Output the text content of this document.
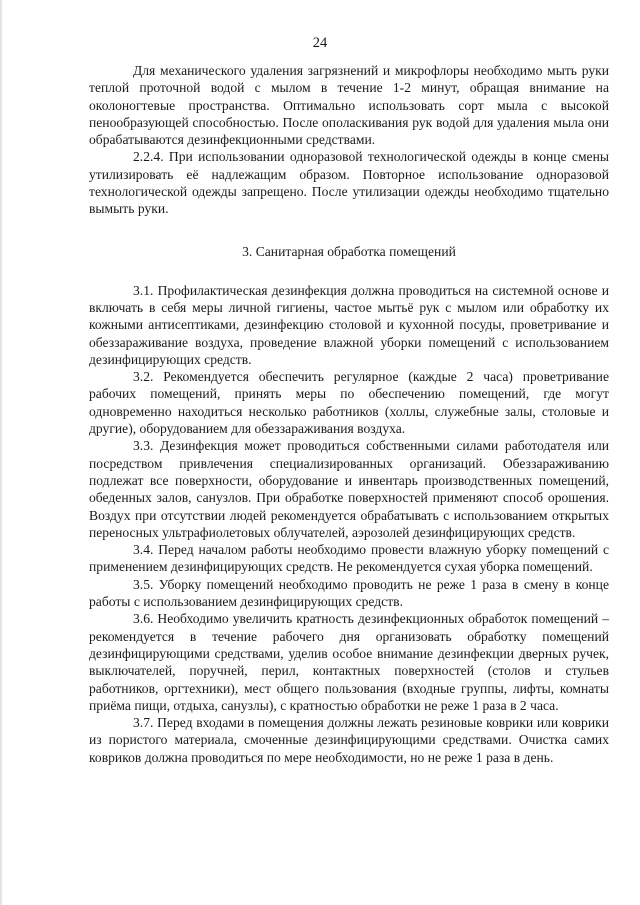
24

Для механического удаления загрязнений и микрофлоры необходимо мыть руки теплой проточной водой с мылом в течение 1-2 минут, обращая внимание на околоногтевые пространства. Оптимально использовать сорт мыла с высокой пенообразующей способностью. После ополаскивания рук водой для удаления мыла они обрабатываются дезинфекционными средствами.

2.2.4. При использовании одноразовой технологической одежды в конце смены утилизировать её надлежащим образом. Повторное использование одноразовой технологической одежды запрещено. После утилизации одежды необходимо тщательно вымыть руки.

3. Санитарная обработка помещений

3.1. Профилактическая дезинфекция должна проводиться на системной основе и включать в себя меры личной гигиены, частое мытьё рук с мылом или обработку их кожными антисептиками, дезинфекцию столовой и кухонной посуды, проветривание и обеззараживание воздуха, проведение влажной уборки помещений с использованием дезинфицирующих средств.

3.2. Рекомендуется обеспечить регулярное (каждые 2 часа) проветривание рабочих помещений, принять меры по обеспечению помещений, где могут одновременно находиться несколько работников (холлы, служебные залы, столовые и другие), оборудованием для обеззараживания воздуха.

3.3. Дезинфекция может проводиться собственными силами работодателя или посредством привлечения специализированных организаций. Обеззараживанию подлежат все поверхности, оборудование и инвентарь производственных помещений, обеденных залов, санузлов. При обработке поверхностей применяют способ орошения. Воздух при отсутствии людей рекомендуется обрабатывать с использованием открытых переносных ультрафиолетовых облучателей, аэрозолей дезинфицирующих средств.

3.4. Перед началом работы необходимо провести влажную уборку помещений с применением дезинфицирующих средств. Не рекомендуется сухая уборка помещений.

3.5. Уборку помещений необходимо проводить не реже 1 раза в смену в конце работы с использованием дезинфицирующих средств.

3.6. Необходимо увеличить кратность дезинфекционных обработок помещений – рекомендуется в течение рабочего дня организовать обработку помещений дезинфицирующими средствами, уделив особое внимание дезинфекции дверных ручек, выключателей, поручней, перил, контактных поверхностей (столов и стульев работников, оргтехники), мест общего пользования (входные группы, лифты, комнаты приёма пищи, отдыха, санузлы), с кратностью обработки не реже 1 раза в 2 часа.

3.7. Перед входами в помещения должны лежать резиновые коврики или коврики из пористого материала, смоченные дезинфицирующими средствами. Очистка самих ковриков должна проводиться по мере необходимости, но не реже 1 раза в день.
